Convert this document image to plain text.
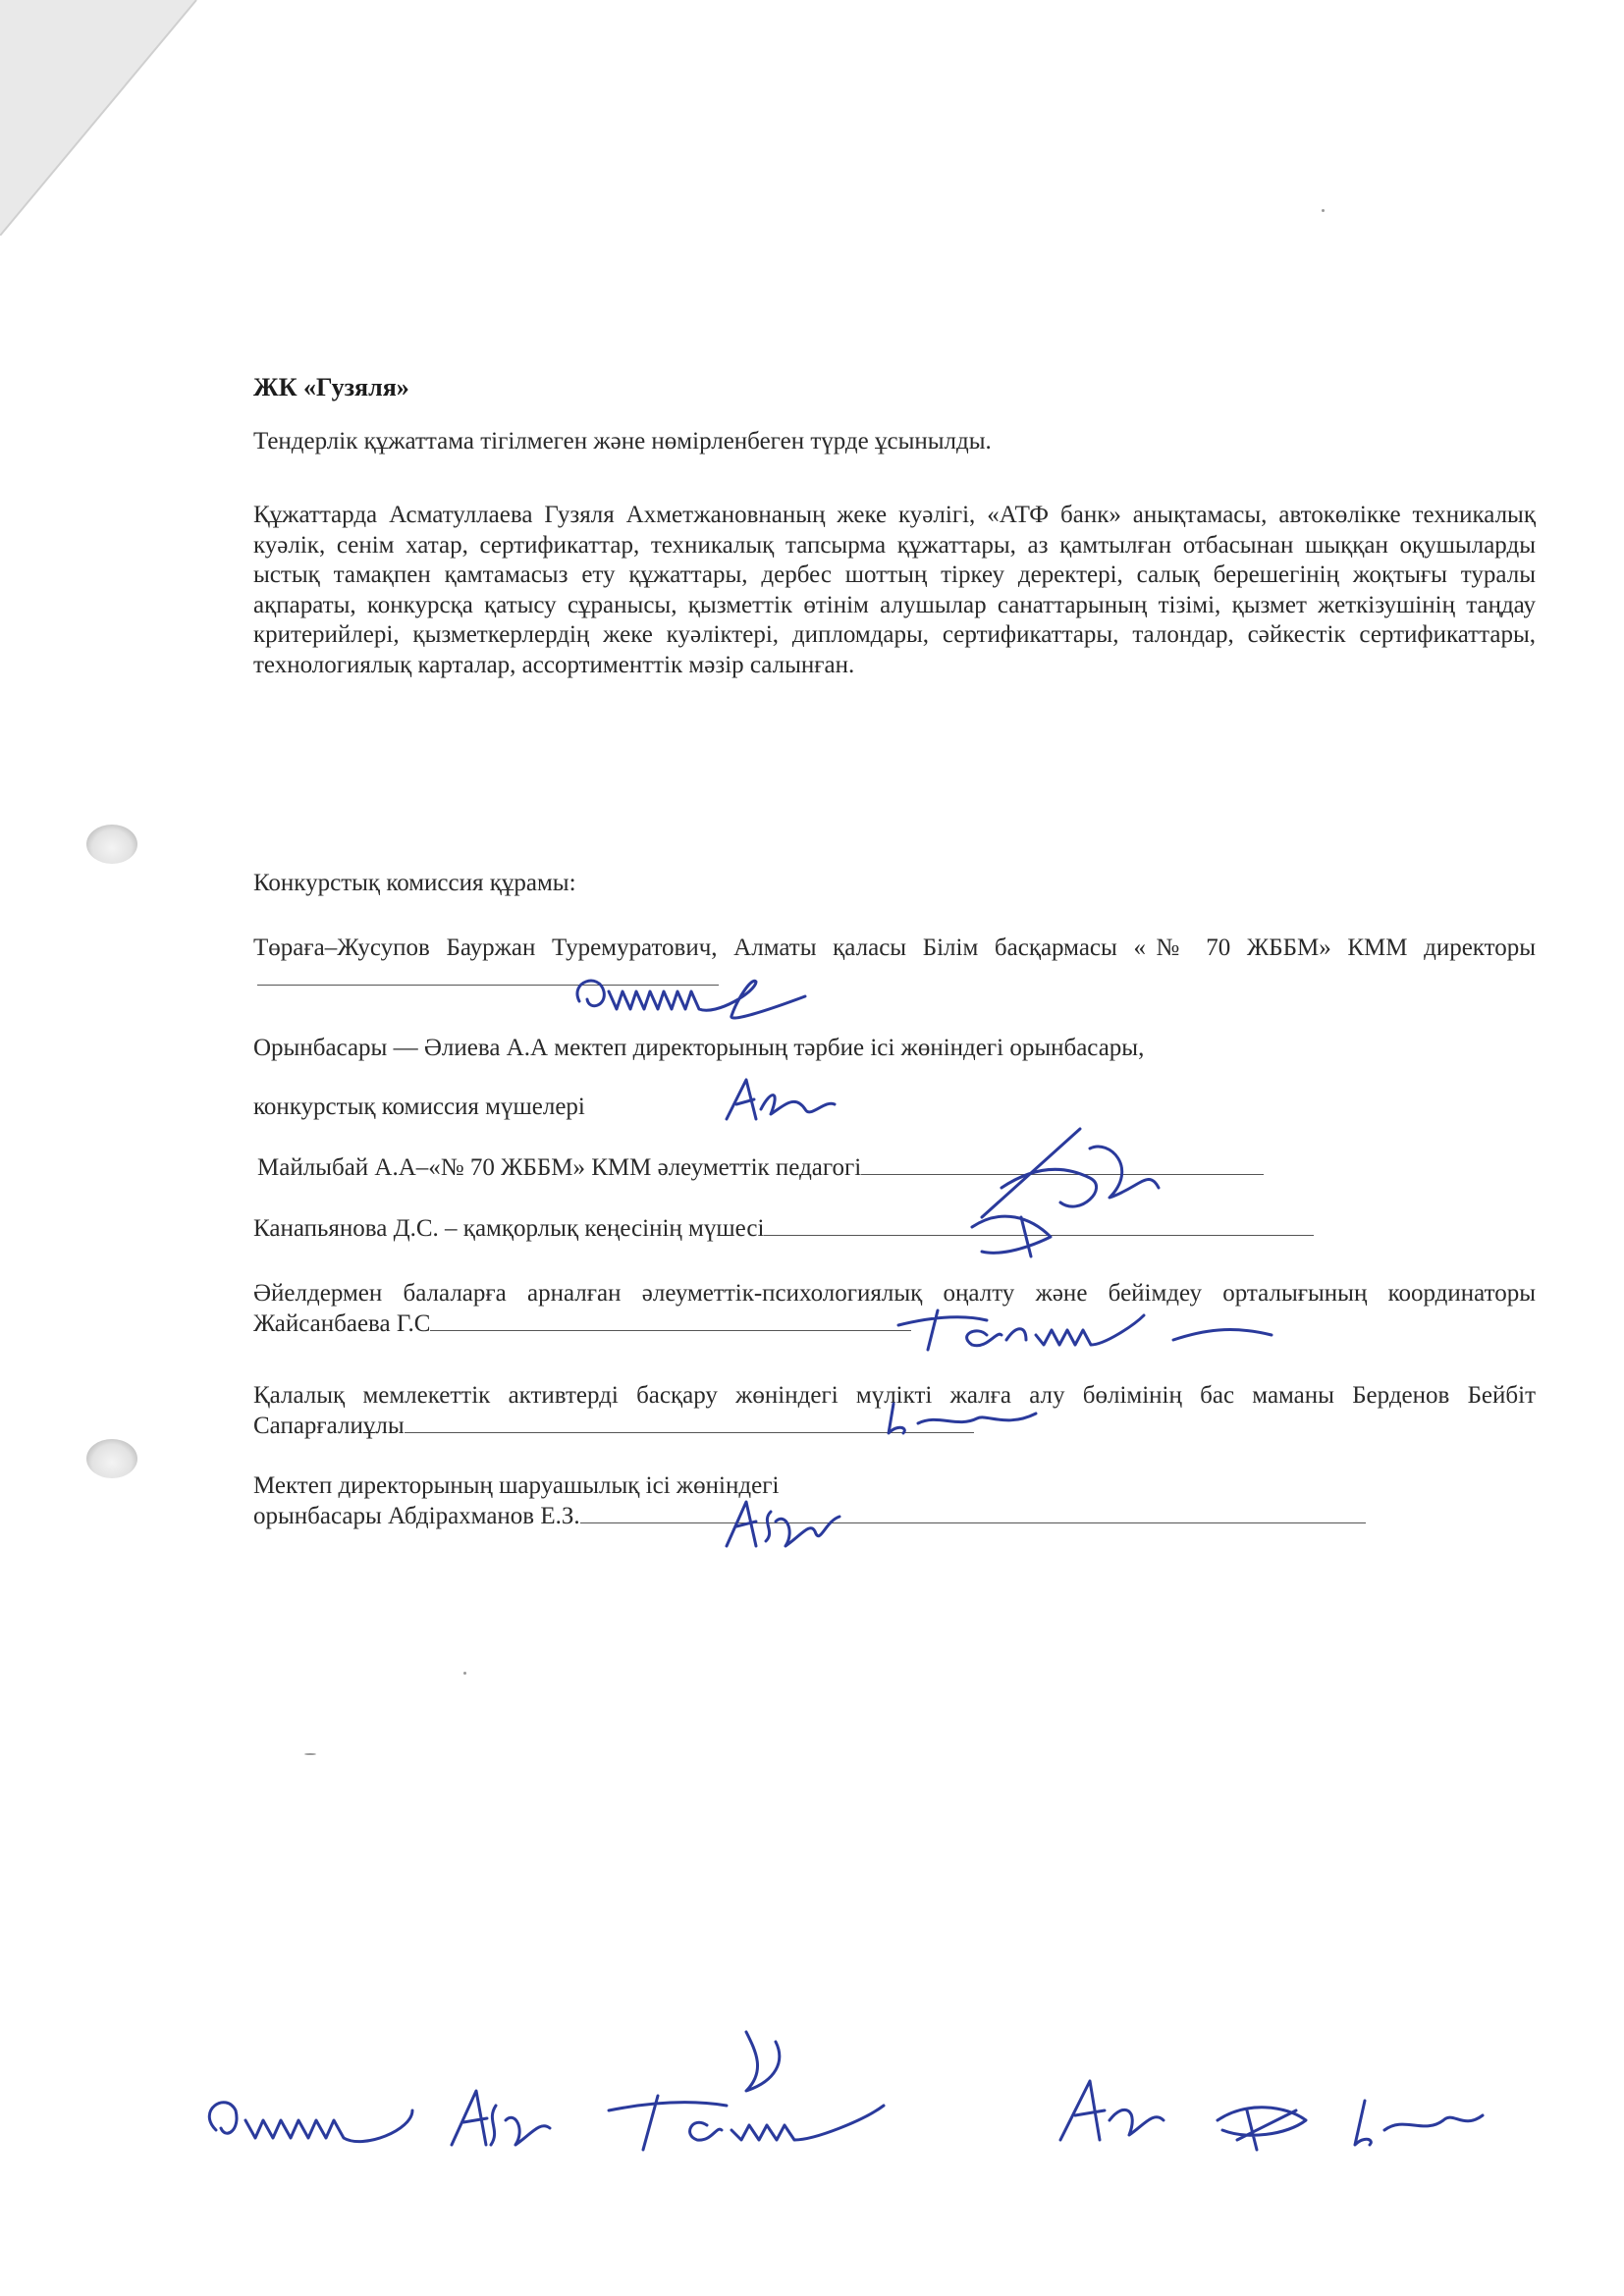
ЖК «Гузяля»
Тендерлік құжаттама тігілмеген және нөмірленбеген түрде ұсынылды.
Құжаттарда Асматуллаева Гузяля Ахметжановнаның жеке куәлігі, «АТФ банк» анықтамасы, автокөлікке техникалық куәлік, сенім хатар, сертификаттар, техникалық тапсырма құжаттары, аз қамтылған отбасынан шыққан оқушыларды ыстық тамақпен қамтамасыз ету құжаттары, дербес шоттың тіркеу деректері, салық берешегінің жоқтығы туралы ақпараты, конкурсқа қатысу сұранысы, қызметтік өтінім алушылар санаттарының тізімі, қызмет жеткізушінің таңдау критерийлері, қызметкерлердің жеке куәліктері, дипломдары, сертификаттары, талондар, сәйкестік сертификаттары, технологиялық карталар, ассортименттік мәзір салынған.
Конкурстық комиссия құрамы:
Төраға–Жусупов Бауржан Туремуратович, Алматы қаласы Білім басқармасы «№ 70 ЖББМ» КММ директоры
Орынбасары — Әлиева А.А мектеп директорының тәрбие ісі жөніндегі орынбасары,
конкурстық комиссия мүшелері
Майлыбай А.А–«№ 70 ЖББМ» КММ әлеуметтік педагогі
Канапьянова Д.С. – қамқорлық кеңесінің мүшесі
Әйелдермен балаларға арналған әлеуметтік-психологиялық оңалту және бейімдеу орталығының координаторы Жайсанбаева Г.С
Қалалық мемлекеттік активтерді басқару жөніндегі мүлікті жалға алу бөлімінің бас маманы Берденов Бейбіт Сапарғалиұлы
Мектеп директорының шаруашылық ісі жөніндегі
орынбасары Абдірахманов Е.З.
